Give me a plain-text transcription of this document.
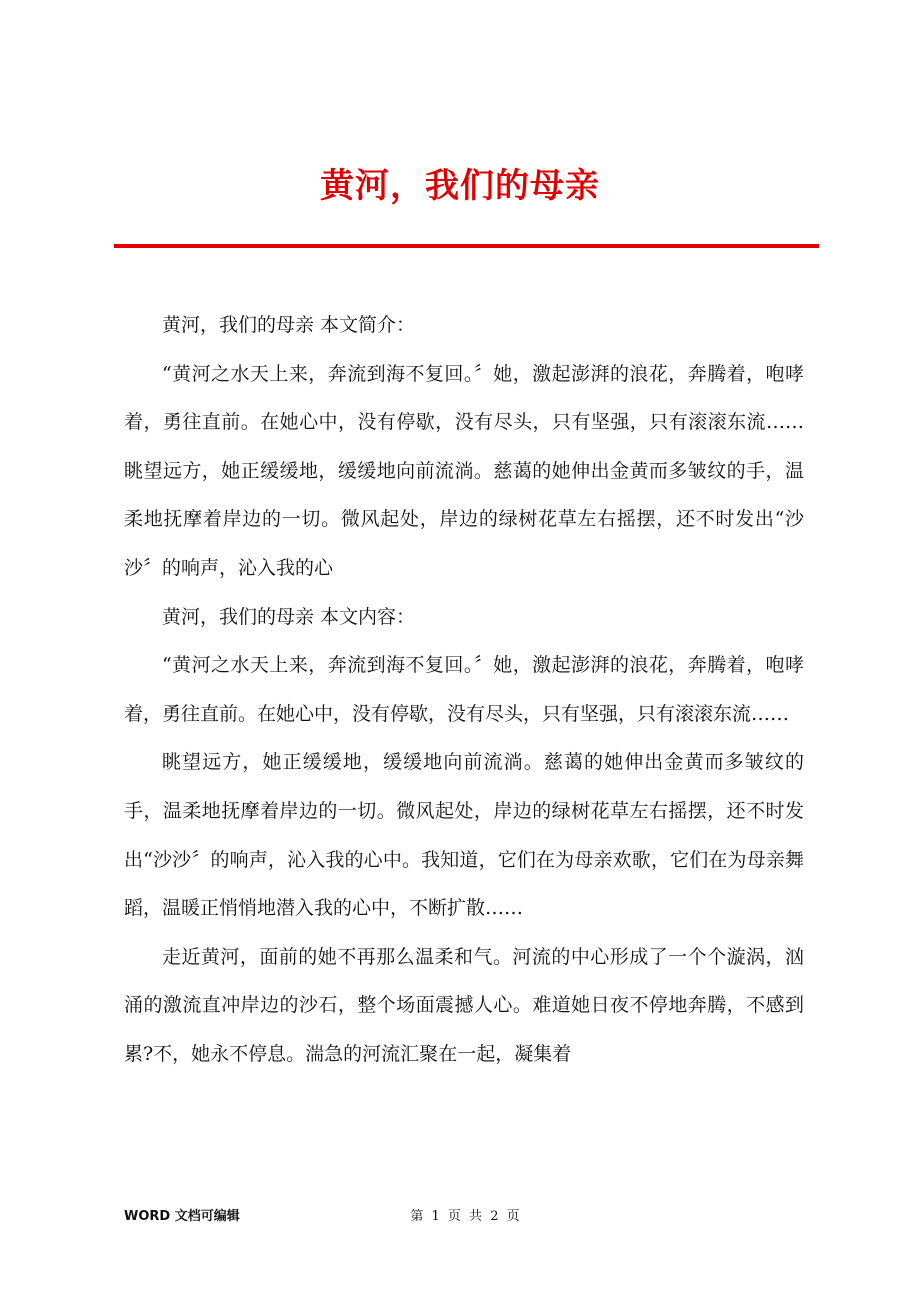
黄河，我们的母亲

黄河，我们的母亲 本文简介：

“黄河之水天上来，奔流到海不复回。〞她，激起澎湃的浪花，奔腾着，咆哮着，勇往直前。在她心中，没有停歇，没有尽头，只有坚强，只有滚滚东流……眺望远方，她正缓缓地，缓缓地向前流淌。慈蔼的她伸出金黄而多皱纹的手，温柔地抚摩着岸边的一切。微风起处，岸边的绿树花草左右摇摆，还不时发出“沙沙〞的响声，沁入我的心

黄河，我们的母亲 本文内容：

“黄河之水天上来，奔流到海不复回。〞她，激起澎湃的浪花，奔腾着，咆哮着，勇往直前。在她心中，没有停歇，没有尽头，只有坚强，只有滚滚东流……

眺望远方，她正缓缓地，缓缓地向前流淌。慈蔼的她伸出金黄而多皱纹的手，温柔地抚摩着岸边的一切。微风起处，岸边的绿树花草左右摇摆，还不时发出“沙沙〞的响声，沁入我的心中。我知道，它们在为母亲欢歌，它们在为母亲舞蹈，温暖正悄悄地潜入我的心中，不断扩散……

走近黄河，面前的她不再那么温柔和气。河流的中心形成了一个个漩涡，汹涌的激流直冲岸边的沙石，整个场面震撼人心。难道她日夜不停地奔腾，不感到累?不，她永不停息。湍急的河流汇聚在一起，凝集着

WORD 文档可编辑	第 1 页 共 2 页
